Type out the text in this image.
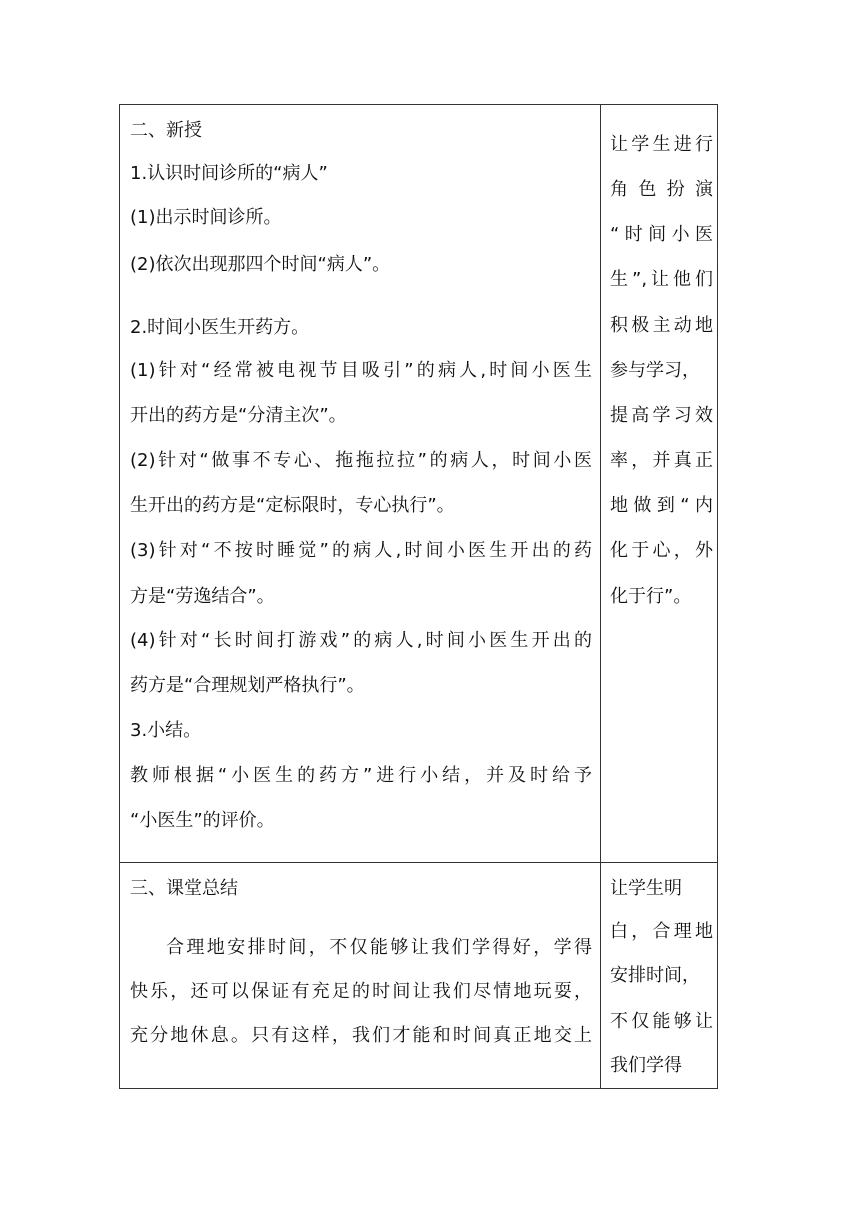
二、新授
1.认识时间诊所的“病人”
(1)出示时间诊所。
(2)依次出现那四个时间“病人”。
2.时间小医生开药方。
(1)针对“经常被电视节目吸引”的病人,时间小医生
开出的药方是“分清主次”。
(2)针对“做事不专心、拖拖拉拉”的病人，时间小医
生开出的药方是“定标限时，专心执行”。
(3)针对“不按时睡觉”的病人,时间小医生开出的药
方是“劳逸结合”。
(4)针对“长时间打游戏”的病人,时间小医生开出的
药方是“合理规划严格执行”。
3.小结。
教师根据“小医生的药方”进行小结，并及时给予
“小医生”的评价。
让学生进行
角 色 扮 演
“时间小医
生”,让他们
积极主动地
参与学习，
提高学习效
率，并真正
地做到“内
化于心，外
化于行”。
三、课堂总结
合理地安排时间，不仅能够让我们学得好，学得
快乐，还可以保证有充足的时间让我们尽情地玩耍，
充分地休息。只有这样，我们才能和时间真正地交上
让学生明
白，合理地
安排时间，
不仅能够让
我们学得
